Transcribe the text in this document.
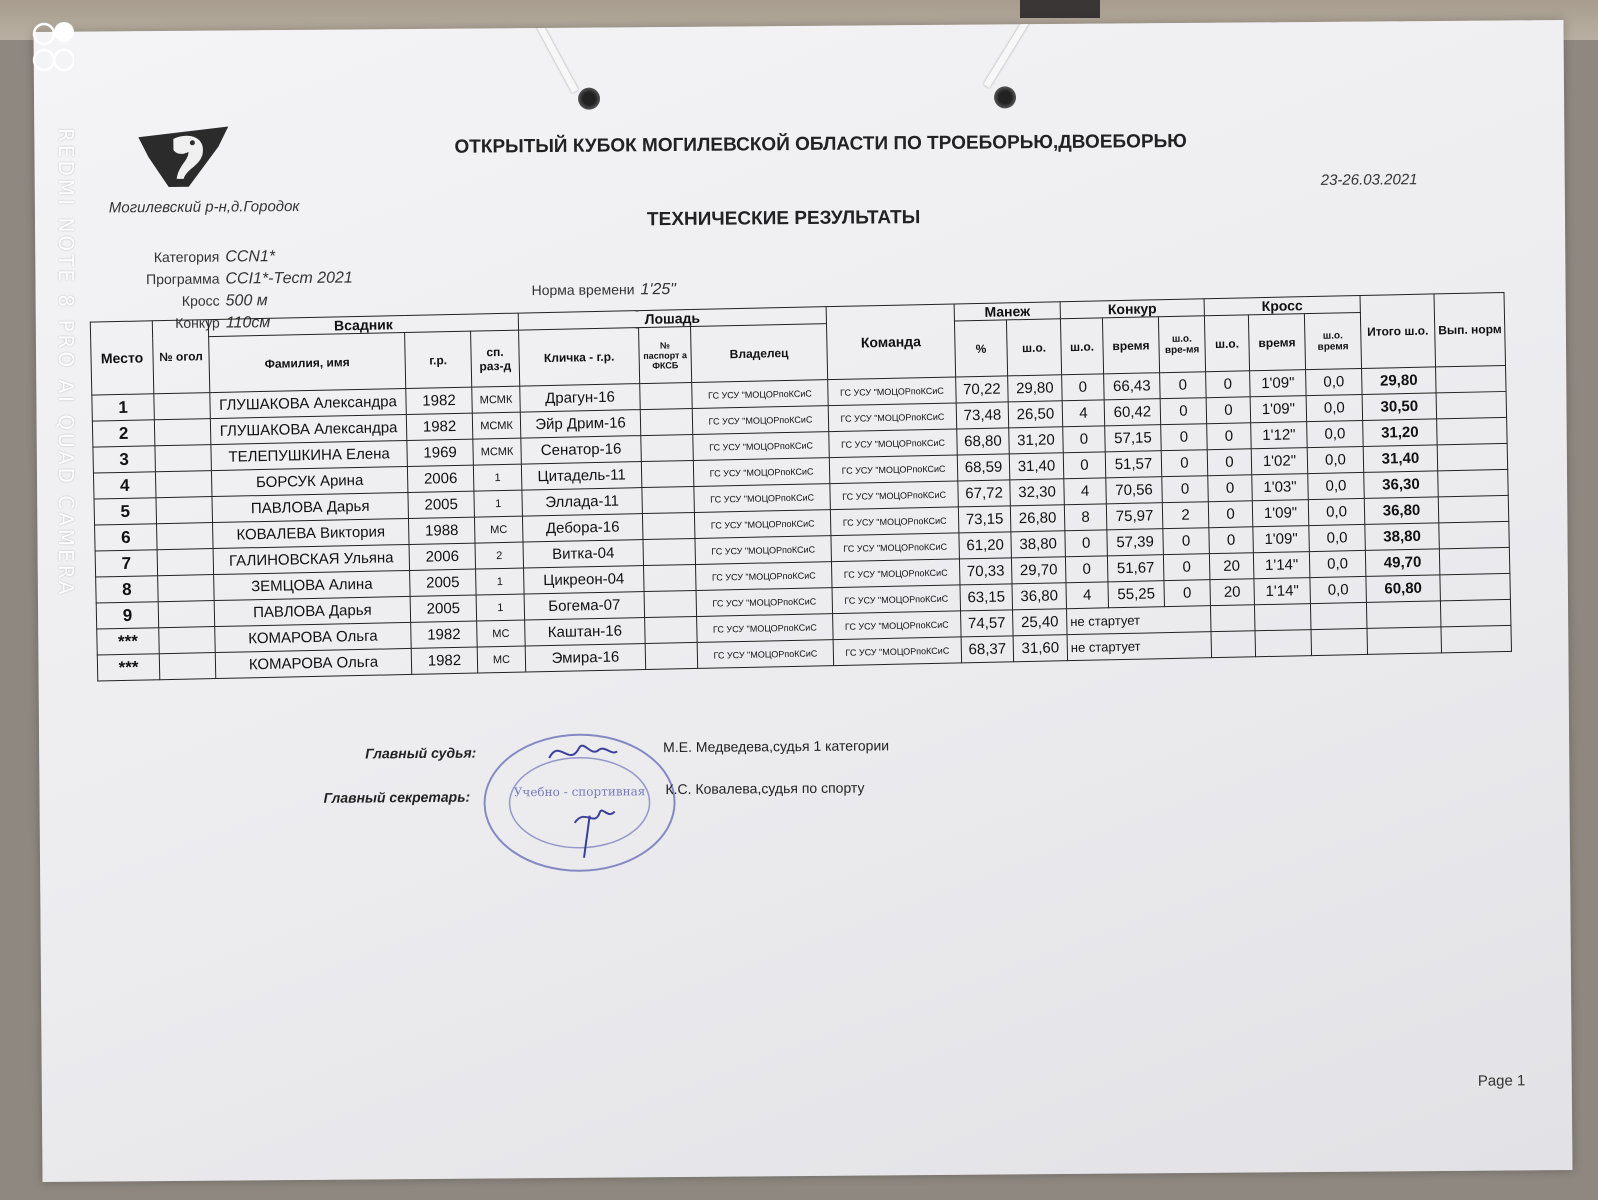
Могилевский р-н,д.Городок
ОТКРЫТЫЙ КУБОК МОГИЛЕВСКОЙ ОБЛАСТИ ПО ТРОЕБОРЬЮ,ДВОЕБОРЬЮ
23-26.03.2021
ТЕХНИЧЕСКИЕ РЕЗУЛЬТАТЫ
Категория CCN1*
Программа CCI1*-Тест 2021
Кросс 500 м
Конкур 110см
Норма времени 1'25"
Место	№ огол	Всадник			Лошадь			Команда	Манеж		Конкур			Кросс			Итого ш.о.	Вып. норм
		Фамилия, имя	г.р.	сп. раз-д	Кличка - г.р.	№ паспорт а ФКСБ	Владелец		%	ш.о.	ш.о.	время	ш.о. вре-мя	ш.о.	время	ш.о. время		
1		ГЛУШАКОВА Александра	1982	МСМК	Драгун-16		ГС УСУ "МОЦОРпоКСиС	ГС УСУ "МОЦОРпоКСиС	70,22	29,80	0	66,43	0	0	1'09"	0,0	29,80	
2		ГЛУШАКОВА Александра	1982	МСМК	Эйр Дрим-16		ГС УСУ "МОЦОРпоКСиС	ГС УСУ "МОЦОРпоКСиС	73,48	26,50	4	60,42	0	0	1'09"	0,0	30,50	
3		ТЕЛЕПУШКИНА Елена	1969	МСМК	Сенатор-16		ГС УСУ "МОЦОРпоКСиС	ГС УСУ "МОЦОРпоКСиС	68,80	31,20	0	57,15	0	0	1'12"	0,0	31,20	
4		БОРСУК Арина	2006	1	Цитадель-11		ГС УСУ "МОЦОРпоКСиС	ГС УСУ "МОЦОРпоКСиС	68,59	31,40	0	51,57	0	0	1'02"	0,0	31,40	
5		ПАВЛОВА Дарья	2005	1	Эллада-11		ГС УСУ "МОЦОРпоКСиС	ГС УСУ "МОЦОРпоКСиС	67,72	32,30	4	70,56	0	0	1'03"	0,0	36,30	
6		КОВАЛЕВА Виктория	1988	МС	Дебора-16		ГС УСУ "МОЦОРпоКСиС	ГС УСУ "МОЦОРпоКСиС	73,15	26,80	8	75,97	2	0	1'09"	0,0	36,80	
7		ГАЛИНОВСКАЯ Ульяна	2006	2	Витка-04		ГС УСУ "МОЦОРпоКСиС	ГС УСУ "МОЦОРпоКСиС	61,20	38,80	0	57,39	0	0	1'09"	0,0	38,80	
8		ЗЕМЦОВА Алина	2005	1	Цикреон-04		ГС УСУ "МОЦОРпоКСиС	ГС УСУ "МОЦОРпоКСиС	70,33	29,70	0	51,67	0	20	1'14"	0,0	49,70	
9		ПАВЛОВА Дарья	2005	1	Богема-07		ГС УСУ "МОЦОРпоКСиС	ГС УСУ "МОЦОРпоКСиС	63,15	36,80	4	55,25	0	20	1'14"	0,0	60,80	
***		КОМАРОВА Ольга	1982	МС	Каштан-16		ГС УСУ "МОЦОРпоКСиС	ГС УСУ "МОЦОРпоКСиС	74,57	25,40	не стартует							
***		КОМАРОВА Ольга	1982	МС	Эмира-16		ГС УСУ "МОЦОРпоКСиС	ГС УСУ "МОЦОРпоКСиС	68,37	31,60	не стартует							
Учебно - спортивная
Главный судья:	М.Е. Медведева,судья 1 категории
Главный секретарь:
К.С. Ковалева,судья по спорту
Page 1
REDMI NOTE 8 PRO AI QUAD CAMERA
